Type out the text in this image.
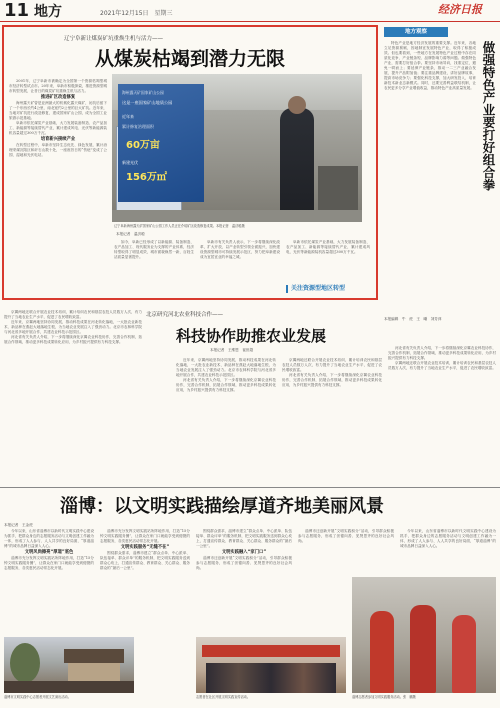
11 地方	2021年12月15日　星期三	经济日报
辽宁阜新让煤炭矿坑重焕生机与活力——
从煤炭枯竭到潜力无限
海州露天矿国家矿山公园
这是一座国家矿山地质公园
近年来
累计修复治理面积
60万亩
新建光伏
156万㎡
辽宁阜新海州露天矿国家矿山公园工作人员正在介绍矿区改造修复成果。本报记者　温济聪摄
本报记者　温济聪

2001年，辽宁阜新市被确定为全国第一个资源枯竭型城市经济转型试点市。20年来，阜新市积极探索，推进资源型城市转型发展，让昔日的煤炭矿坑重焕生机与活力。

推进矿区改造修复

海州露天矿曾是亚洲最大的机械化露天煤矿，闭坑后留下了一个东西长约4公里、南北宽约2公里的巨大矿坑。近年来，当地对矿坑进行改造修复，建成国家矿山公园，成为全国工业旅游示范基地。

阜新市依托煤炭产业基础，大力发展装备制造、农产品加工、新能源等接续替代产业，累计建成风电、光伏等新能源装机容量超过300万千瓦。

培育新兴接续产业

在转型过程中，阜新市坚持生态优先、绿色发展，累计治理采煤沉陷区和矸石山数十处，一座座昔日的“伤疤”变成了公园、湿地和光伏电站。

如今，阜新已经形成了以新能源、装备制造、农产品加工、现代服务业为支撑的产业体系，经济转型取得了明显成效，城市面貌焕然一新，百姓生活质量显著提升。

阜新市有关负责人表示，下一步将继续深化改革，扩大开放，以产业转型引领全面振兴，加快建设资源型城市可持续发展示范区，努力把阜新建设成为宜居宜业的幸福之城。

阜新市依托煤炭产业基础，大力发展装备制造、农产品加工、新能源等接续替代产业，累计建成风电、光伏等新能源装机容量超过300万千瓦。

关注资源型地区转型
地方观察
做强特色产业要打好组合拳
特色产业是地方经济发展的重要支撑。近年来，各地立足资源禀赋，因地制宜发展特色产业，取得了积极成效。但也要看到，一些地方在发展特色产业过程中存在同质化竞争、产业链条短、品牌影响力弱等问题。做强特色产业，需要打好组合拳。要坚持市场导向，找准定位，避免一哄而上；要延伸产业链条，推动一二三产业融合发展，提升产品附加值；要注重品牌建设，讲好品牌故事，提高市场竞争力；要强化科技支撑，加大研发投入，培育新技术新业态新模式。同时，还要完善利益联结机制，让农民更多分享产业增值收益，推动特色产业高质量发展。
本报编辑　牛　虎　王　曦　刘芳萍
北京研究河北农业科技合作——
科技协作助推农业发展
本报记者　王维恩　崔世超

京冀两地还联合开展农业技术培训，累计培训农民和基层农技人员数万人次，有力提升了当地农业生产水平，促进了农民增收致富。

近年来，京冀两地坚持协同发展，推动科技成果在河北转化落地，一大批农业新技术、新品种在燕赵大地落地生根，为当地农业发展注入了强劲动力。北京市农林科学院与河北省多地开展合作，共建农业科技示范园区。

河北省有关负责人介绍，下一步将继续深化京冀农业科技协作，完善合作机制，拓展合作领域，推动更多科技成果转化应用，为乡村振兴提供有力科技支撑。

近年来，京冀两地坚持协同发展，推动科技成果在河北转化落地，一大批农业新技术、新品种在燕赵大地落地生根，为当地农业发展注入了强劲动力。北京市农林科学院与河北省多地开展合作，共建农业科技示范园区。

河北省有关负责人介绍，下一步将继续深化京冀农业科技协作，完善合作机制，拓展合作领域，推动更多科技成果转化应用，为乡村振兴提供有力科技支撑。

京冀两地还联合开展农业技术培训，累计培训农民和基层农技人员数万人次，有力提升了当地农业生产水平，促进了农民增收致富。

河北省有关负责人介绍，下一步将继续深化京冀农业科技协作，完善合作机制，拓展合作领域，推动更多科技成果转化应用，为乡村振兴提供有力科技支撑。

河北省有关负责人介绍，下一步将继续深化京冀农业科技协作，完善合作机制，拓展合作领域，推动更多科技成果转化应用，为乡村振兴提供有力科技支撑。

京冀两地还联合开展农业技术培训，累计培训农民和基层农技人员数万人次，有力提升了当地农业生产水平，促进了农民增收致富。

淄博：以文明实践描绘厚道齐地美丽风景
本报记者　王金虎

今年以来，山东省淄博市以新时代文明实践中心建设为抓手，把群众身边的志愿服务活动与文明创建工作融为一体，形成了人人参与、人人共享的良好局面，“厚道淄博”的城市品牌日益深入人心。

文明风尚擦亮“厚道”底色

淄博市充分发挥文明实践站所阵地作用，打造“15分钟文明实践服务圈”，让群众在家门口就能享受到便捷的志愿服务，各类惠民活动常态化开展。

淄博市充分发挥文明实践站所阵地作用，打造“15分钟文明实践服务圈”，让群众在家门口就能享受到便捷的志愿服务，各类惠民活动常态化开展。

文明实践服务“无缝不在”

围绕群众需求，淄博市建立“群众点单、中心派单、队伍接单、群众评单”的服务机制，把文明实践服务送到群众心坎上，打通宣传群众、教育群众、关心群众、服务群众的“最后一公里”。

围绕群众需求，淄博市建立“群众点单、中心派单、队伍接单、群众评单”的服务机制，把文明实践服务送到群众心坎上，打通宣传群众、教育群众、关心群众、服务群众的“最后一公里”。

文明实践融入“家门口”

淄博市还创新开展“文明实践积分”活动，引导群众积极参与志愿服务，形成了崇德向善、见贤思齐的良好社会风尚。

淄博市还创新开展“文明实践积分”活动，引导群众积极参与志愿服务，形成了崇德向善、见贤思齐的良好社会风尚。

今年以来，山东省淄博市以新时代文明实践中心建设为抓手，把群众身边的志愿服务活动与文明创建工作融为一体，形成了人人参与、人人共享的良好局面，“厚道淄博”的城市品牌日益深入人心。

淄博市文明实践中心志愿者开展文艺演出活动。	志愿者在社区开展文明实践宣传活动。	淄博志愿者参加文明实践服务活动。张　鹏摄
